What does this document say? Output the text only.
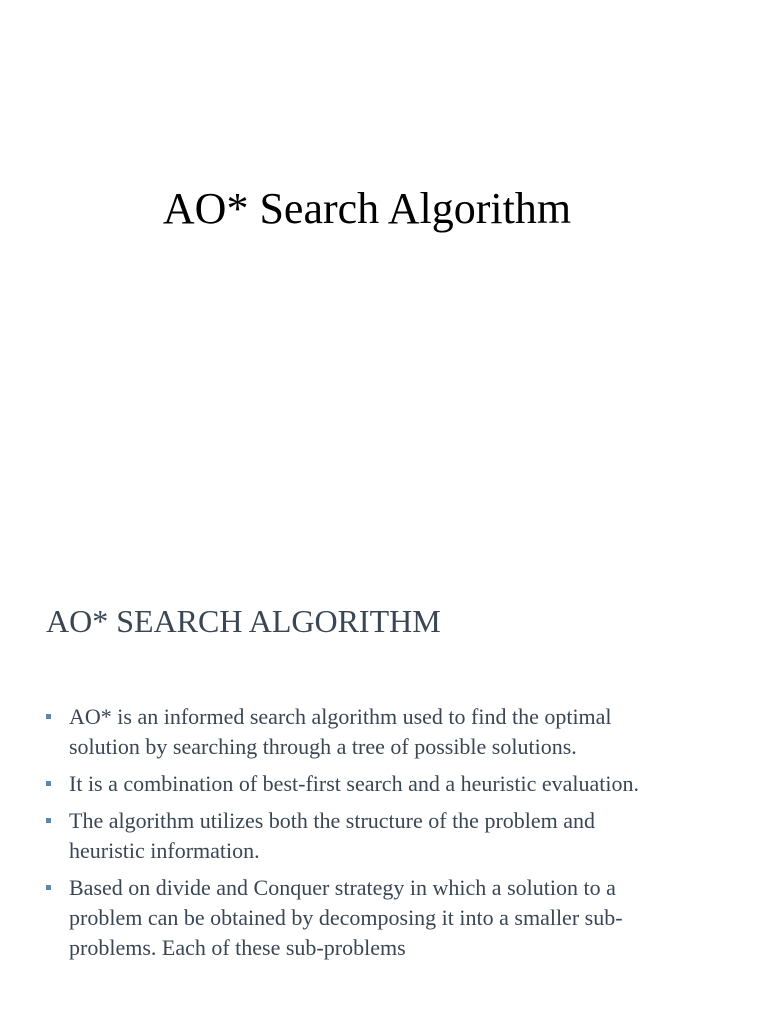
AO* Search Algorithm
AO* SEARCH ALGORITHM
AO* is an informed search algorithm used to find the optimal solution by searching through a tree of possible solutions.
It is a combination of best-first search and a heuristic evaluation.
The algorithm utilizes both the structure of the problem and heuristic information.
Based on divide and Conquer strategy in which a solution to a problem can be obtained by decomposing it into a smaller sub-problems. Each of these sub-problems
